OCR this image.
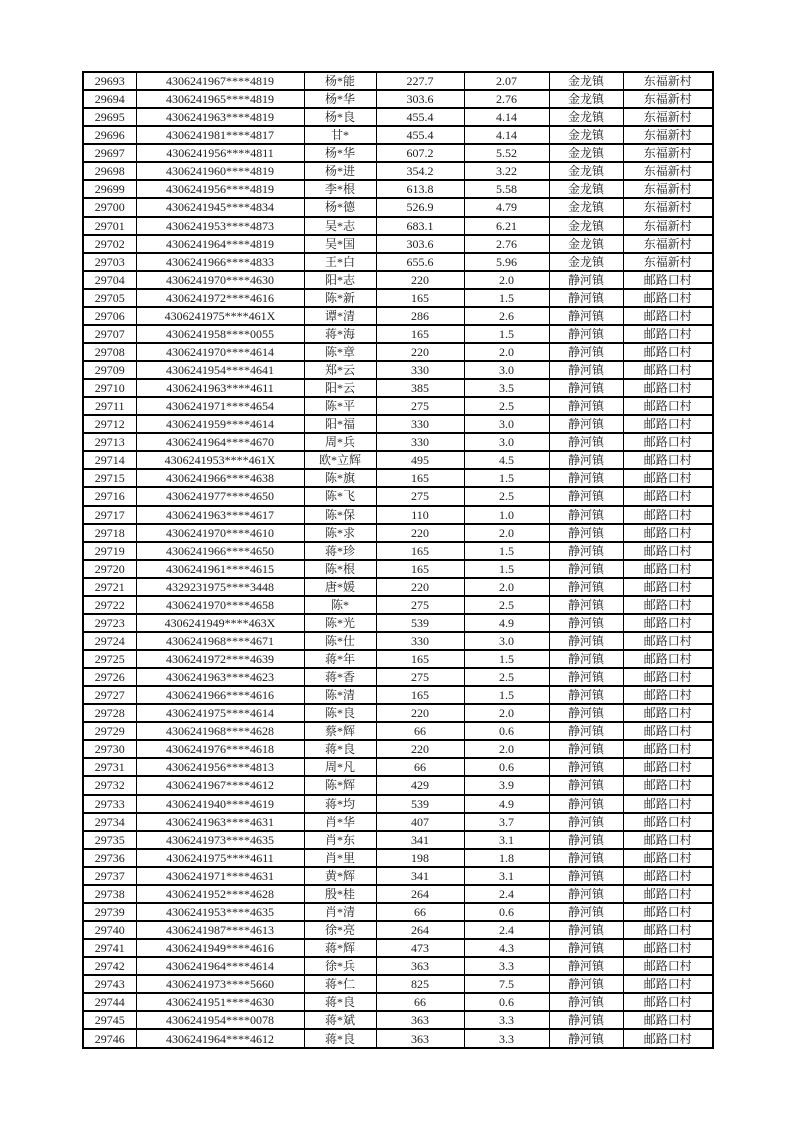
29693	4306241967****4819	杨*能	227.7	2.07	金龙镇	东福新村
29694	4306241965****4819	杨*华	303.6	2.76	金龙镇	东福新村
29695	4306241963****4819	杨*良	455.4	4.14	金龙镇	东福新村
29696	4306241981****4817	甘*	455.4	4.14	金龙镇	东福新村
29697	4306241956****4811	杨*华	607.2	5.52	金龙镇	东福新村
29698	4306241960****4819	杨*进	354.2	3.22	金龙镇	东福新村
29699	4306241956****4819	李*根	613.8	5.58	金龙镇	东福新村
29700	4306241945****4834	杨*德	526.9	4.79	金龙镇	东福新村
29701	4306241953****4873	吴*志	683.1	6.21	金龙镇	东福新村
29702	4306241964****4819	吴*国	303.6	2.76	金龙镇	东福新村
29703	4306241966****4833	王*白	655.6	5.96	金龙镇	东福新村
29704	4306241970****4630	阳*志	220	2.0	静河镇	邮路口村
29705	4306241972****4616	陈*新	165	1.5	静河镇	邮路口村
29706	4306241975****461X	谭*清	286	2.6	静河镇	邮路口村
29707	4306241958****0055	蒋*海	165	1.5	静河镇	邮路口村
29708	4306241970****4614	陈*章	220	2.0	静河镇	邮路口村
29709	4306241954****4641	郑*云	330	3.0	静河镇	邮路口村
29710	4306241963****4611	阳*云	385	3.5	静河镇	邮路口村
29711	4306241971****4654	陈*平	275	2.5	静河镇	邮路口村
29712	4306241959****4614	阳*福	330	3.0	静河镇	邮路口村
29713	4306241964****4670	周*兵	330	3.0	静河镇	邮路口村
29714	4306241953****461X	欧*立辉	495	4.5	静河镇	邮路口村
29715	4306241966****4638	陈*旗	165	1.5	静河镇	邮路口村
29716	4306241977****4650	陈*飞	275	2.5	静河镇	邮路口村
29717	4306241963****4617	陈*保	110	1.0	静河镇	邮路口村
29718	4306241970****4610	陈*求	220	2.0	静河镇	邮路口村
29719	4306241966****4650	蒋*珍	165	1.5	静河镇	邮路口村
29720	4306241961****4615	陈*根	165	1.5	静河镇	邮路口村
29721	4329231975****3448	唐*媛	220	2.0	静河镇	邮路口村
29722	4306241970****4658	陈*	275	2.5	静河镇	邮路口村
29723	4306241949****463X	陈*光	539	4.9	静河镇	邮路口村
29724	4306241968****4671	陈*仕	330	3.0	静河镇	邮路口村
29725	4306241972****4639	蒋*年	165	1.5	静河镇	邮路口村
29726	4306241963****4623	蒋*香	275	2.5	静河镇	邮路口村
29727	4306241966****4616	陈*清	165	1.5	静河镇	邮路口村
29728	4306241975****4614	陈*良	220	2.0	静河镇	邮路口村
29729	4306241968****4628	蔡*辉	66	0.6	静河镇	邮路口村
29730	4306241976****4618	蒋*良	220	2.0	静河镇	邮路口村
29731	4306241956****4813	周*凡	66	0.6	静河镇	邮路口村
29732	4306241967****4612	陈*辉	429	3.9	静河镇	邮路口村
29733	4306241940****4619	蒋*均	539	4.9	静河镇	邮路口村
29734	4306241963****4631	肖*华	407	3.7	静河镇	邮路口村
29735	4306241973****4635	肖*东	341	3.1	静河镇	邮路口村
29736	4306241975****4611	肖*里	198	1.8	静河镇	邮路口村
29737	4306241971****4631	黄*辉	341	3.1	静河镇	邮路口村
29738	4306241952****4628	殷*桂	264	2.4	静河镇	邮路口村
29739	4306241953****4635	肖*清	66	0.6	静河镇	邮路口村
29740	4306241987****4613	徐*亮	264	2.4	静河镇	邮路口村
29741	4306241949****4616	蒋*辉	473	4.3	静河镇	邮路口村
29742	4306241964****4614	徐*兵	363	3.3	静河镇	邮路口村
29743	4306241973****5660	蒋*仁	825	7.5	静河镇	邮路口村
29744	4306241951****4630	蒋*良	66	0.6	静河镇	邮路口村
29745	4306241954****0078	蒋*斌	363	3.3	静河镇	邮路口村
29746	4306241964****4612	蒋*良	363	3.3	静河镇	邮路口村
